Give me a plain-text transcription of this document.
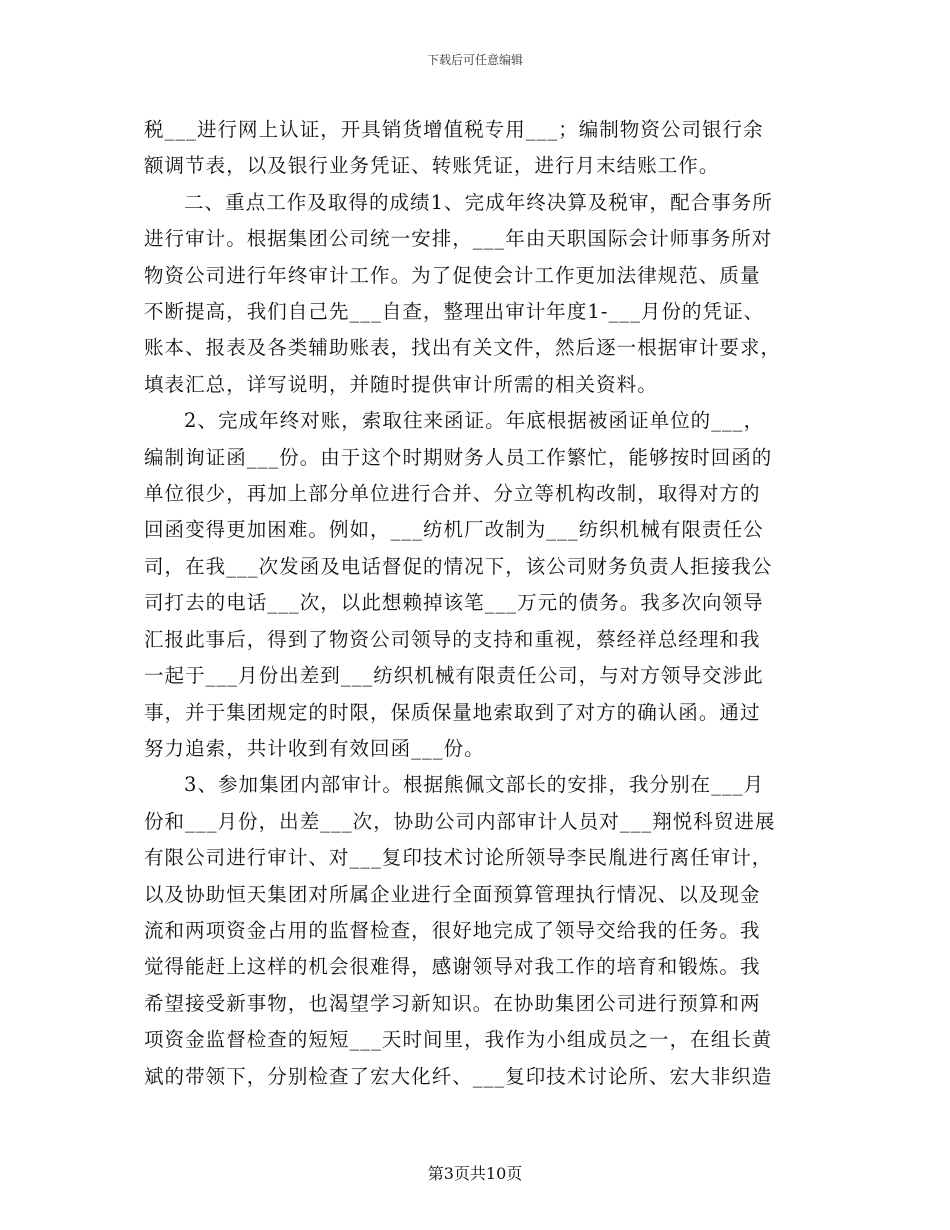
下载后可任意编辑

税___进行网上认证，开具销货增值税专用___；编制物资公司银行余
额调节表，以及银行业务凭证、转账凭证，进行月末结账工作。

二、重点工作及取得的成绩1、完成年终决算及税审，配合事务所
进行审计。根据集团公司统一安排，___年由天职国际会计师事务所对
物资公司进行年终审计工作。为了促使会计工作更加法律规范、质量
不断提高，我们自己先___自查，整理出审计年度1-___月份的凭证、
账本、报表及各类辅助账表，找出有关文件，然后逐一根据审计要求，
填表汇总，详写说明，并随时提供审计所需的相关资料。

2、完成年终对账，索取往来函证。年底根据被函证单位的___，
编制询证函___份。由于这个时期财务人员工作繁忙，能够按时回函的
单位很少，再加上部分单位进行合并、分立等机构改制，取得对方的
回函变得更加困难。例如，___纺机厂改制为___纺织机械有限责任公
司，在我___次发函及电话督促的情况下，该公司财务负责人拒接我公
司打去的电话___次，以此想赖掉该笔___万元的债务。我多次向领导
汇报此事后，得到了物资公司领导的支持和重视，蔡经祥总经理和我
一起于___月份出差到___纺织机械有限责任公司，与对方领导交涉此
事，并于集团规定的时限，保质保量地索取到了对方的确认函。通过
努力追索，共计收到有效回函___份。

3、参加集团内部审计。根据熊佩文部长的安排，我分别在___月
份和___月份，出差___次，协助公司内部审计人员对___翔悦科贸进展
有限公司进行审计、对___复印技术讨论所领导李民胤进行离任审计，
以及协助恒天集团对所属企业进行全面预算管理执行情况、以及现金
流和两项资金占用的监督检查，很好地完成了领导交给我的任务。我
觉得能赶上这样的机会很难得，感谢领导对我工作的培育和锻炼。我
希望接受新事物，也渴望学习新知识。在协助集团公司进行预算和两
项资金监督检查的短短___天时间里，我作为小组成员之一，在组长黄
斌的带领下，分别检查了宏大化纤、___复印技术讨论所、宏大非织造

第3页共10页
